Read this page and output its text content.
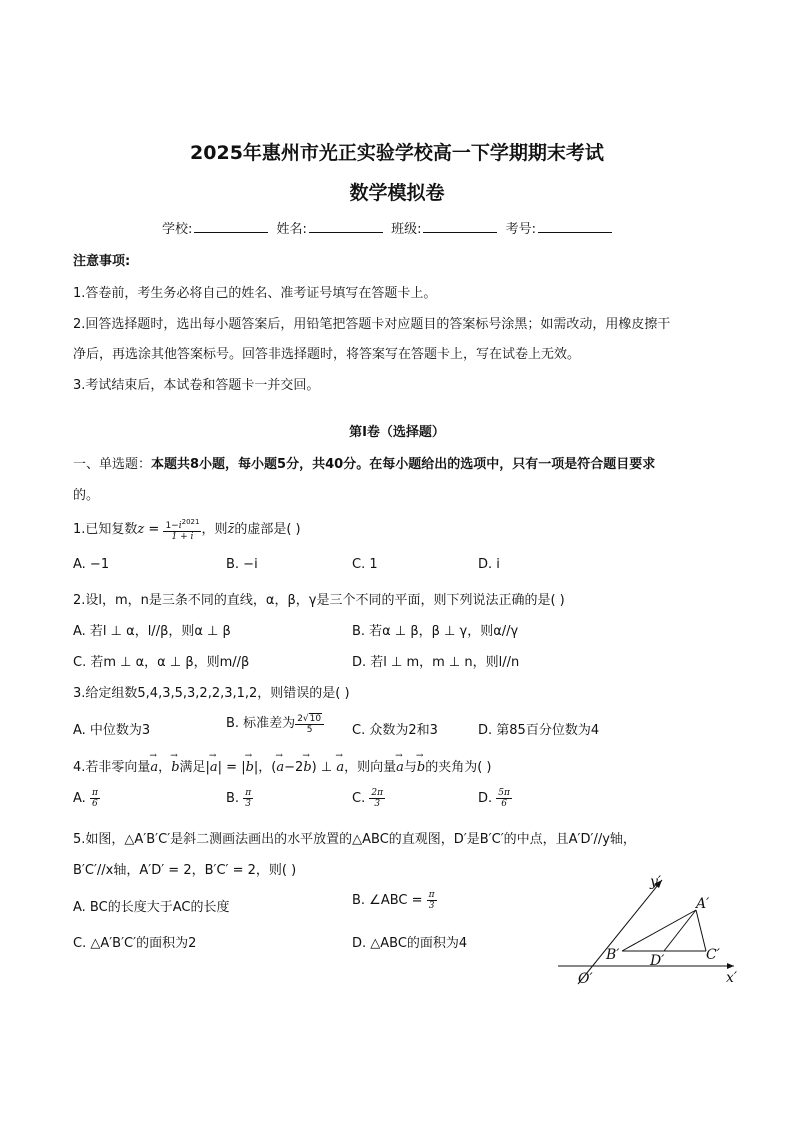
2025年惠州市光正实验学校高一下学期期末考试
数学模拟卷
学校:	姓名:	班级:	考号:
注意事项:
1.答卷前，考生务必将自己的姓名、准考证号填写在答题卡上。
2.回答选择题时，选出每小题答案后，用铅笔把答题卡对应题目的答案标号涂黑；如需改动，用橡皮擦干
净后，再选涂其他答案标号。回答非选择题时，将答案写在答题卡上，写在试卷上无效。
3.考试结束后，本试卷和答题卡一并交回。
第Ⅰ卷（选择题）
一、单选题：本题共8小题，每小题5分，共40分。在每小题给出的选项中，只有一项是符合题目要求
的。
1.已知复数$z = \frac{1-i^{2021}}{1 + i}$ ，则z̄的虚部是( )
A. −1	B. −i	C. 1	D. i
2.设l，m，n是三条不同的直线，α，β，γ是三个不同的平面，则下列说法正确的是( )
A. 若l ⊥ α，l//β，则α ⊥ β	B. 若α ⊥ β，β ⊥ γ，则α//γ
C. 若m ⊥ α，α ⊥ β，则m//β	D. 若l ⊥ m，m ⊥ n，则l//n
3.给定组数5,4,3,5,3,2,2,3,1,2，则错误的是( )
A. 中位数为3	B. 标准差为 $\frac{2√10}{5} C$. 众数为2和3	D. 第85百分位数为4
4.若非零向量→ a，→ b满足|→ a| = |→ b|，(→ a−2→ b) ⊥ → a，则向量→ a与→ b的夹角为( )
A. $\frac{\pi}{6}$	B. $\frac{\pi}{3}$	C. $\frac{2\pi}{3}$	D. $\frac{5\pi}{6}$
5.如图，△A′B′C′是斜二测画法画出的水平放置的△ABC的直观图，D′是B′C′的中点，且A′D′//y轴，
B′C′//x轴，A′D′ = 2，B′C′ = 2，则( )
A. BC的长度大于AC的长度	B. ∠ABC = $\frac{\pi}{3}$
C. △A′B′C′的面积为2	D. △ABC的面积为4
y′
x′
A′
B′	C′
D′
O′
